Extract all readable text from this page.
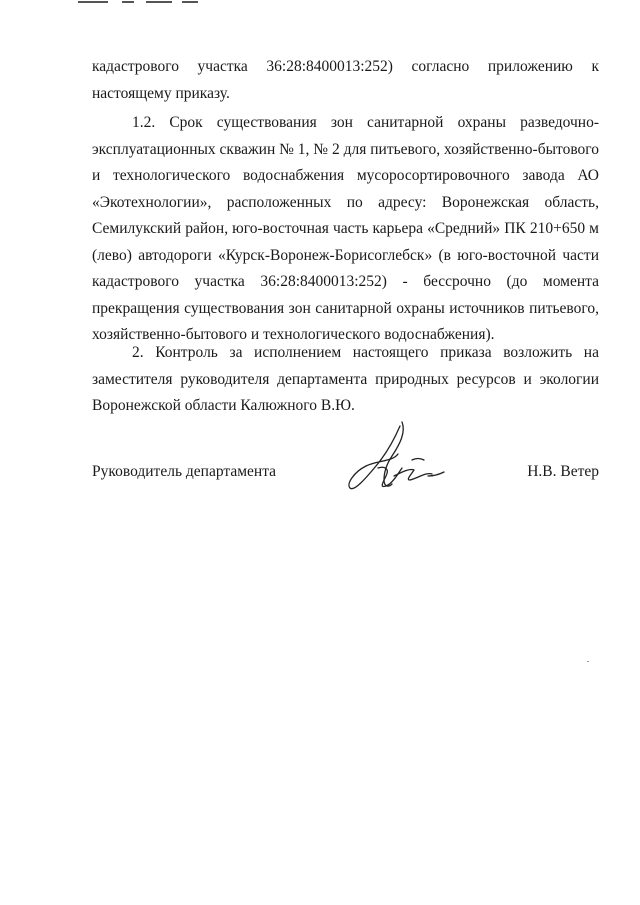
кадастрового участка 36:28:8400013:252) согласно приложению к
настоящему приказу.
1.2. Срок существования зон санитарной охраны разведочно-
эксплуатационных скважин № 1, № 2 для питьевого, хозяйственно-бытового
и технологического водоснабжения мусоросортировочного завода АО
«Экотехнологии», расположенных по адресу: Воронежская область,
Семилукский район, юго-восточная часть карьера «Средний» ПК 210+650 м
(лево) автодороги «Курск-Воронеж-Борисоглебск» (в юго-восточной части
кадастрового участка 36:28:8400013:252) - бессрочно (до момента
прекращения существования зон санитарной охраны источников питьевого,
хозяйственно-бытового и технологического водоснабжения).
2. Контроль за исполнением настоящего приказа возложить на
заместителя руководителя департамента природных ресурсов и экологии
Воронежской области Калюжного В.Ю.
Руководитель департамента	Н.В. Ветер
